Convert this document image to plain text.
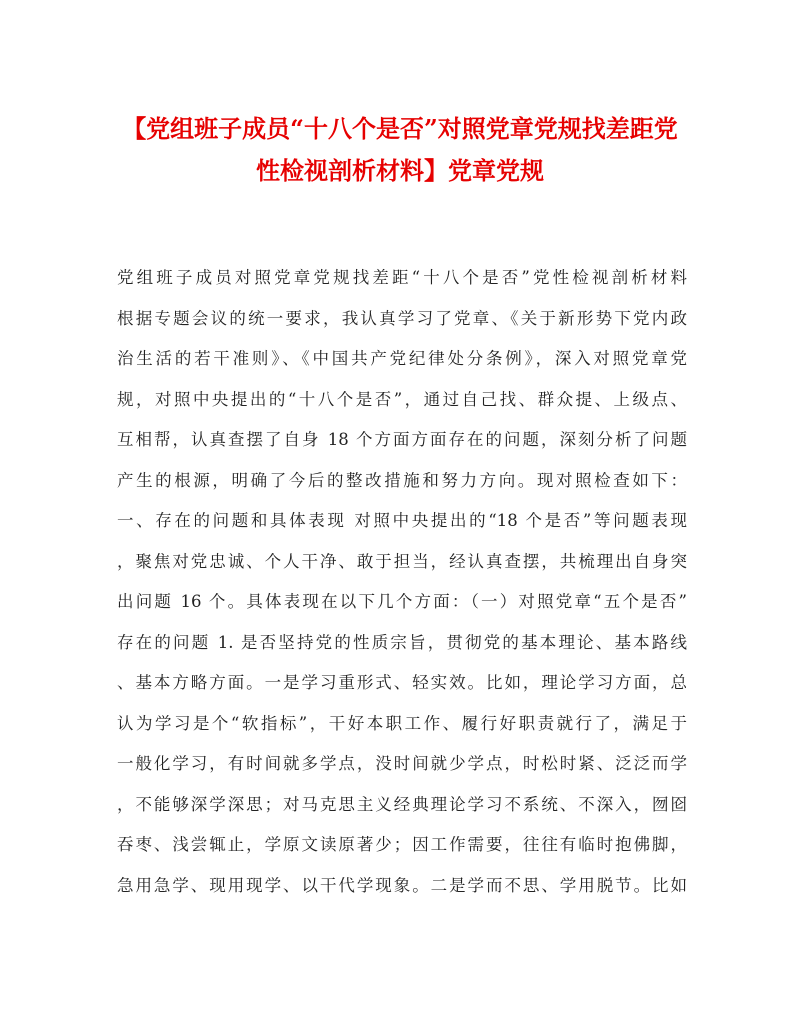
【党组班子成员“十八个是否”对照党章党规找差距党
性检视剖析材料】党章党规
党组班子成员对照党章党规找差距“十八个是否”党性检视剖析材料
根据专题会议的统一要求，我认真学习了党章、《关于新形势下党内政
治生活的若干准则》、《中国共产党纪律处分条例》，深入对照党章党
规，对照中央提出的“十八个是否”，通过自己找、群众提、上级点、
互相帮，认真查摆了自身 18 个方面方面存在的问题，深刻分析了问题
产生的根源，明确了今后的整改措施和努力方向。现对照检查如下：
一、存在的问题和具体表现 对照中央提出的“18 个是否”等问题表现
，聚焦对党忠诚、个人干净、敢于担当，经认真查摆，共梳理出自身突
出问题 16 个。具体表现在以下几个方面：（一）对照党章“五个是否”
存在的问题 1. 是否坚持党的性质宗旨，贯彻党的基本理论、基本路线
、基本方略方面。一是学习重形式、轻实效。比如，理论学习方面，总
认为学习是个“软指标”，干好本职工作、履行好职责就行了，满足于
一般化学习，有时间就多学点，没时间就少学点，时松时紧、泛泛而学
，不能够深学深思；对马克思主义经典理论学习不系统、不深入，囫囵
吞枣、浅尝辄止，学原文读原著少；因工作需要，往往有临时抱佛脚，
急用急学、现用现学、以干代学现象。二是学而不思、学用脱节。比如
